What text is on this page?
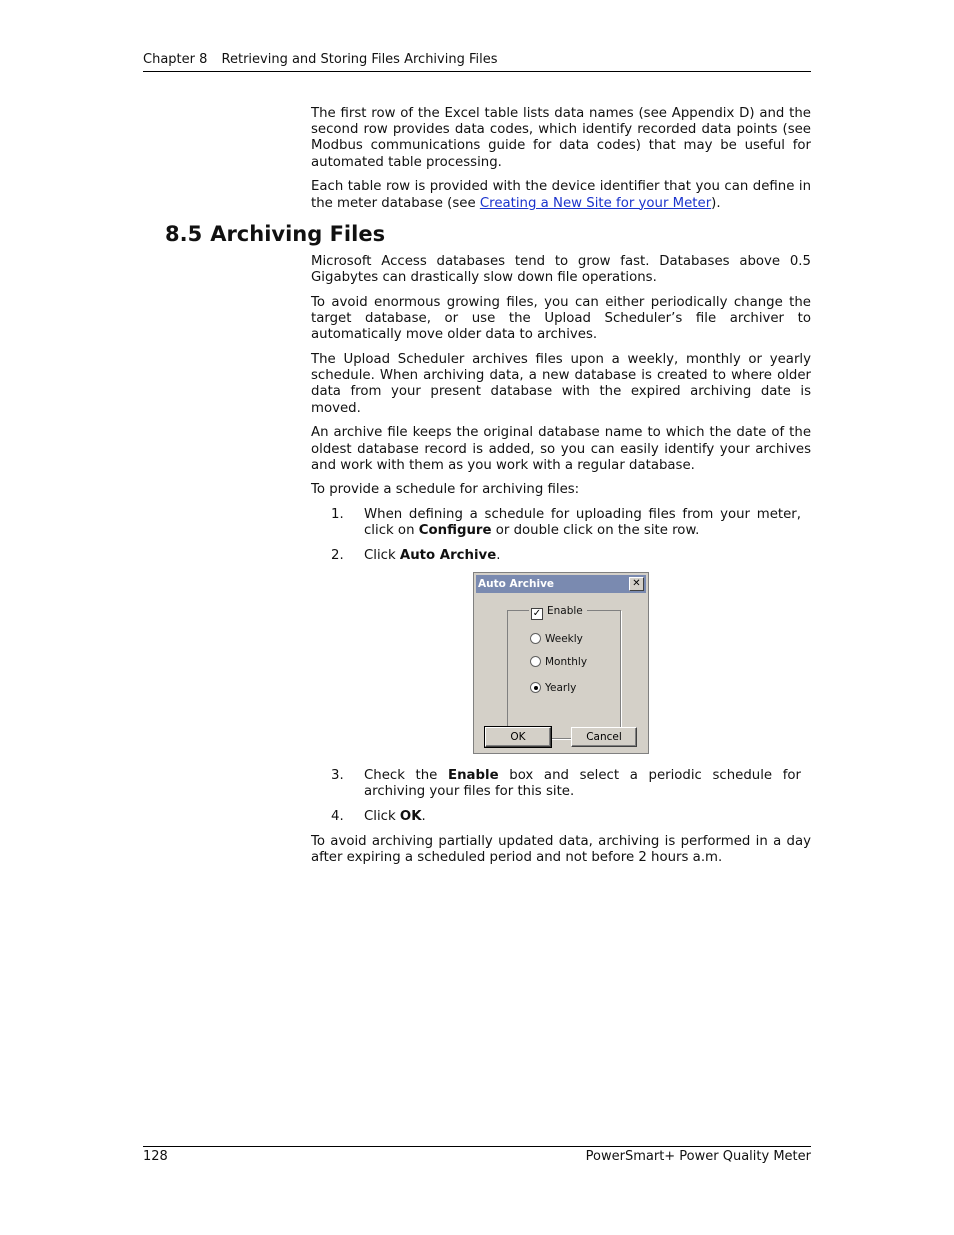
Chapter 8 Retrieving and Storing Files Archiving Files

The first row of the Excel table lists data names (see Appendix D) and the second row provides data codes, which identify recorded data points (see Modbus communications guide for data codes) that may be useful for automated table processing.

Each table row is provided with the device identifier that you can define in the meter database (see Creating a New Site for your Meter).

8.5 Archiving Files

Microsoft Access databases tend to grow fast. Databases above 0.5 Gigabytes can drastically slow down file operations.

To avoid enormous growing files, you can either periodically change the target database, or use the Upload Scheduler’s file archiver to automatically move older data to archives.

The Upload Scheduler archives files upon a weekly, monthly or yearly schedule. When archiving data, a new database is created to where older data from your present database with the expired archiving date is moved.

An archive file keeps the original database name to which the date of the oldest database record is added, so you can easily identify your archives and work with them as you work with a regular database.

To provide a schedule for archiving files:

1. When defining a schedule for uploading files from your meter, click on Configure or double click on the site row.
2. Click Auto Archive.
Auto Archive	✕
✓ Enable
Weekly
Monthly
Yearly
OK	Cancel
3. Check the Enable box and select a periodic schedule for archiving your files for this site.
4. Click OK.

To avoid archiving partially updated data, archiving is performed in a day after expiring a scheduled period and not before 2 hours a.m.

128	PowerSmart+ Power Quality Meter
